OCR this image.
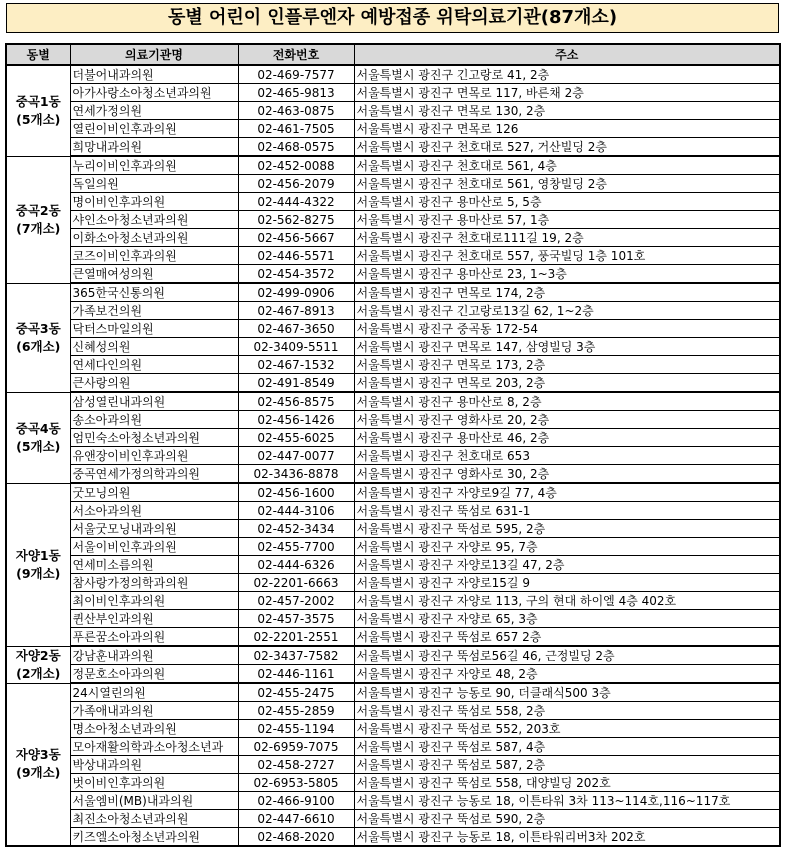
동별 어린이 인플루엔자 예방접종 위탁의료기관(87개소)
동별	의료기관명	전화번호	주소

중곡1동
(5개소)	더불어내과의원	02-469-7577	서울특별시 광진구 긴고랑로 41, 2층
	아가사랑소아청소년과의원	02-465-9813	서울특별시 광진구 면목로 117, 바른채 2층
	연세가정의원	02-463-0875	서울특별시 광진구 면목로 130, 2층
	열린이비인후과의원	02-461-7505	서울특별시 광진구 면목로 126
	희망내과의원	02-468-0575	서울특별시 광진구 천호대로 527, 거산빌딩 2층

중곡2동
(7개소)	누리이비인후과의원	02-452-0088	서울특별시 광진구 천호대로 561, 4층
	독일의원	02-456-2079	서울특별시 광진구 천호대로 561, 영창빌딩 2층
	명이비인후과의원	02-444-4322	서울특별시 광진구 용마산로 5, 5층
	샤인소아청소년과의원	02-562-8275	서울특별시 광진구 용마산로 57, 1층
	이화소아청소년과의원	02-456-5667	서울특별시 광진구 천호대로111길 19, 2층
	코즈이비인후과의원	02-446-5571	서울특별시 광진구 천호대로 557, 풍국빌딩 1층 101호
	큰열매여성의원	02-454-3572	서울특별시 광진구 용마산로 23, 1~3층

중곡3동
(6개소)	365한국신통의원	02-499-0906	서울특별시 광진구 면목로 174, 2층
	가족보건의원	02-467-8913	서울특별시 광진구 긴고랑로13길 62, 1~2층
	닥터스마일의원	02-467-3650	서울특별시 광진구 중곡동 172-54
	신혜성의원	02-3409-5511	서울특별시 광진구 면목로 147, 삼영빌딩 3층
	연세다인의원	02-467-1532	서울특별시 광진구 면목로 173, 2층
	큰사랑의원	02-491-8549	서울특별시 광진구 면목로 203, 2층

중곡4동
(5개소)	삼성열린내과의원	02-456-8575	서울특별시 광진구 용마산로 8, 2층
	송소아과의원	02-456-1426	서울특별시 광진구 영화사로 20, 2층
	엄민숙소아청소년과의원	02-455-6025	서울특별시 광진구 용마산로 46, 2층
	유앤장이비인후과의원	02-447-0077	서울특별시 광진구 천호대로 653
	중곡연세가정의학과의원	02-3436-8878	서울특별시 광진구 영화사로 30, 2층

자양1동
(9개소)	굿모닝의원	02-456-1600	서울특별시 광진구 자양로9길 77, 4층
	서소아과의원	02-444-3106	서울특별시 광진구 뚝섬로 631-1
	서울굿모닝내과의원	02-452-3434	서울특별시 광진구 뚝섬로 595, 2층
	서울이비인후과의원	02-455-7700	서울특별시 광진구 자양로 95, 7층
	연세미소름의원	02-444-6326	서울특별시 광진구 자양로13길 47, 2층
	참사랑가정의학과의원	02-2201-6663	서울특별시 광진구 자양로15길 9
	최이비인후과의원	02-457-2002	서울특별시 광진구 자양로 113, 구의 현대 하이엘 4층 402호
	퀸산부인과의원	02-457-3575	서울특별시 광진구 자양로 65, 3층
	푸른꿈소아과의원	02-2201-2551	서울특별시 광진구 뚝섬로 657 2층

자양2동
(2개소)	강남훈내과의원	02-3437-7582	서울특별시 광진구 뚝섬로56길 46, 근정빌딩 2층
	정문호소아과의원	02-446-1161	서울특별시 광진구 자양로 48, 2층

자양3동
(9개소)	24시열린의원	02-455-2475	서울특별시 광진구 능동로 90, 더클래식500 3층
	가족애내과의원	02-455-2859	서울특별시 광진구 뚝섬로 558, 2층
	명소아청소년과의원	02-455-1194	서울특별시 광진구 뚝섬로 552, 203호
	모아재활의학과소아청소년과	02-6959-7075	서울특별시 광진구 뚝섬로 587, 4층
	박상내과의원	02-458-2727	서울특별시 광진구 뚝섬로 587, 2층
	벗이비인후과의원	02-6953-5805	서울특별시 광진구 뚝섬로 558, 대양빌딩 202호
	서울엠비(MB)내과의원	02-466-9100	서울특별시 광진구 능동로 18, 이튼타워 3차 113~114호,116~117호
	최진소아청소년과의원	02-447-6610	서울특별시 광진구 뚝섬로 590, 2층
	키즈엘소아청소년과의원	02-468-2020	서울특별시 광진구 능동로 18, 이튼타워리버3차 202호
